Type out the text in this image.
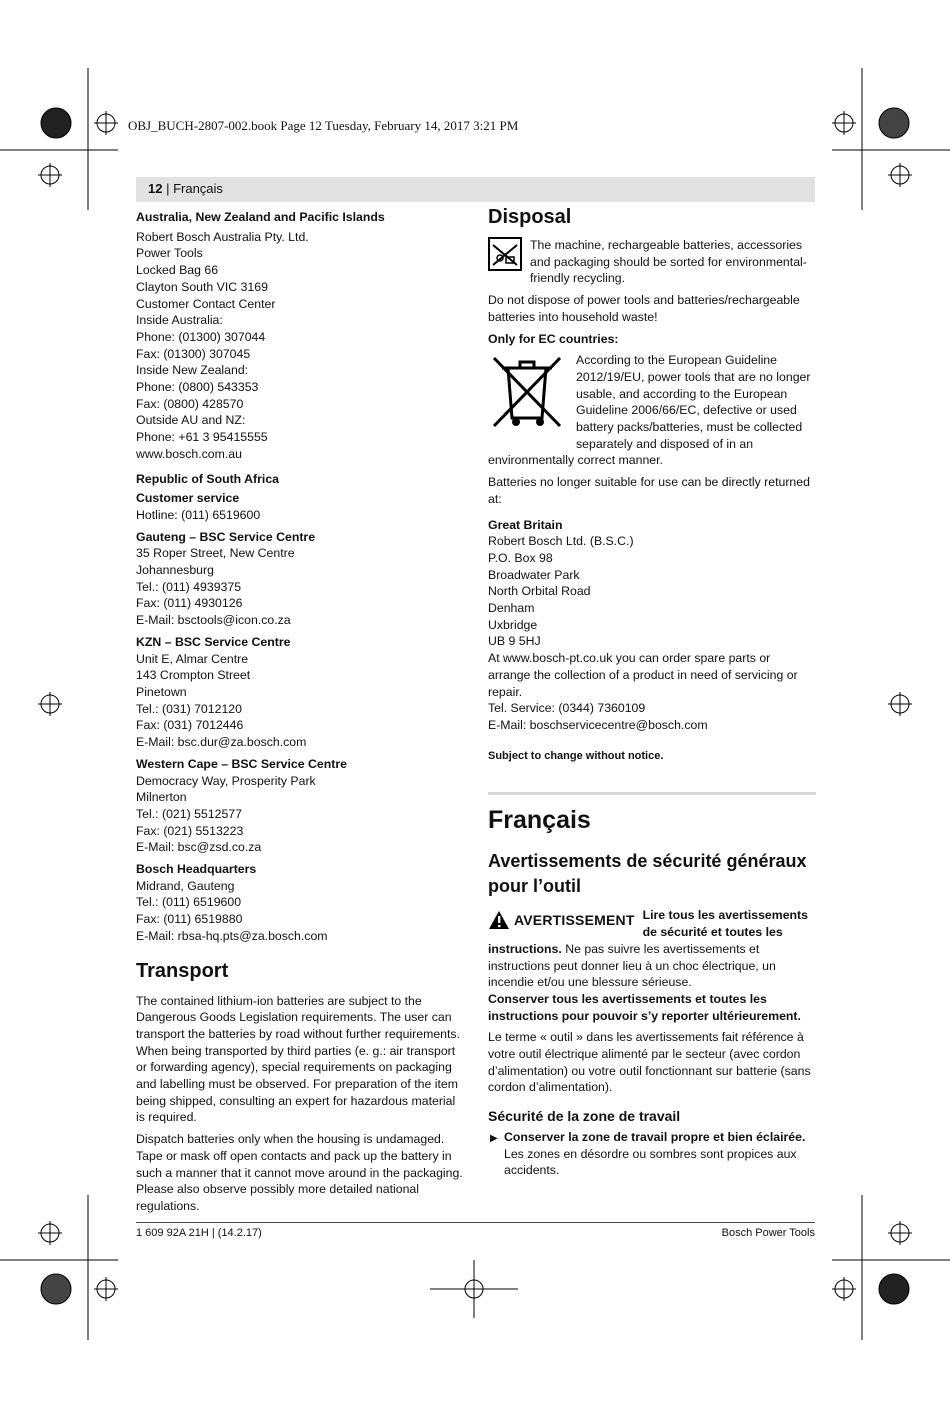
OBJ_BUCH-2807-002.book Page 12 Tuesday, February 14, 2017 3:21 PM
12 | Français
Australia, New Zealand and Pacific Islands
Robert Bosch Australia Pty. Ltd.
Power Tools
Locked Bag 66
Clayton South VIC 3169
Customer Contact Center
Inside Australia:
Phone: (01300) 307044
Fax: (01300) 307045
Inside New Zealand:
Phone: (0800) 543353
Fax: (0800) 428570
Outside AU and NZ:
Phone: +61 3 95415555
www.bosch.com.au
Republic of South Africa
Customer service
Hotline: (011) 6519600
Gauteng – BSC Service Centre
35 Roper Street, New Centre
Johannesburg
Tel.: (011) 4939375
Fax: (011) 4930126
E-Mail: bsctools@icon.co.za
KZN – BSC Service Centre
Unit E, Almar Centre
143 Crompton Street
Pinetown
Tel.: (031) 7012120
Fax: (031) 7012446
E-Mail: bsc.dur@za.bosch.com
Western Cape – BSC Service Centre
Democracy Way, Prosperity Park
Milnerton
Tel.: (021) 5512577
Fax: (021) 5513223
E-Mail: bsc@zsd.co.za
Bosch Headquarters
Midrand, Gauteng
Tel.: (011) 6519600
Fax: (011) 6519880
E-Mail: rbsa-hq.pts@za.bosch.com
Transport
The contained lithium-ion batteries are subject to the Dangerous Goods Legislation requirements. The user can transport the batteries by road without further requirements.
When being transported by third parties (e. g.: air transport or forwarding agency), special requirements on packaging and labelling must be observed. For preparation of the item being shipped, consulting an expert for hazardous material is required.
Dispatch batteries only when the housing is undamaged. Tape or mask off open contacts and pack up the battery in such a manner that it cannot move around in the packaging. Please also observe possibly more detailed national regulations.
Disposal
The machine, rechargeable batteries, accessories and packaging should be sorted for environmental-friendly recycling.
Do not dispose of power tools and batteries/rechargeable batteries into household waste!
Only for EC countries:
According to the European Guideline 2012/19/EU, power tools that are no longer usable, and according to the European Guideline 2006/66/EC, defective or used battery packs/batteries, must be collected separately and disposed of in an environmentally correct manner.
Batteries no longer suitable for use can be directly returned at:
Great Britain
Robert Bosch Ltd. (B.S.C.)
P.O. Box 98
Broadwater Park
North Orbital Road
Denham
Uxbridge
UB 9 5HJ
At www.bosch-pt.co.uk you can order spare parts or arrange the collection of a product in need of servicing or repair.
Tel. Service: (0344) 7360109
E-Mail: boschservicecentre@bosch.com
Subject to change without notice.
Français
Avertissements de sécurité généraux pour l’outil
AVERTISSEMENT Lire tous les avertissements de sécurité et toutes les instructions. Ne pas suivre les avertissements et instructions peut donner lieu à un choc électrique, un incendie et/ou une blessure sérieuse.
Conserver tous les avertissements et toutes les instructions pour pouvoir s’y reporter ultérieurement.
Le terme « outil » dans les avertissements fait référence à votre outil électrique alimenté par le secteur (avec cordon d’alimentation) ou votre outil fonctionnant sur batterie (sans cordon d’alimentation).
Sécurité de la zone de travail
▶ Conserver la zone de travail propre et bien éclairée. Les zones en désordre ou sombres sont propices aux accidents.
1 609 92A 21H | (14.2.17)	Bosch Power Tools
